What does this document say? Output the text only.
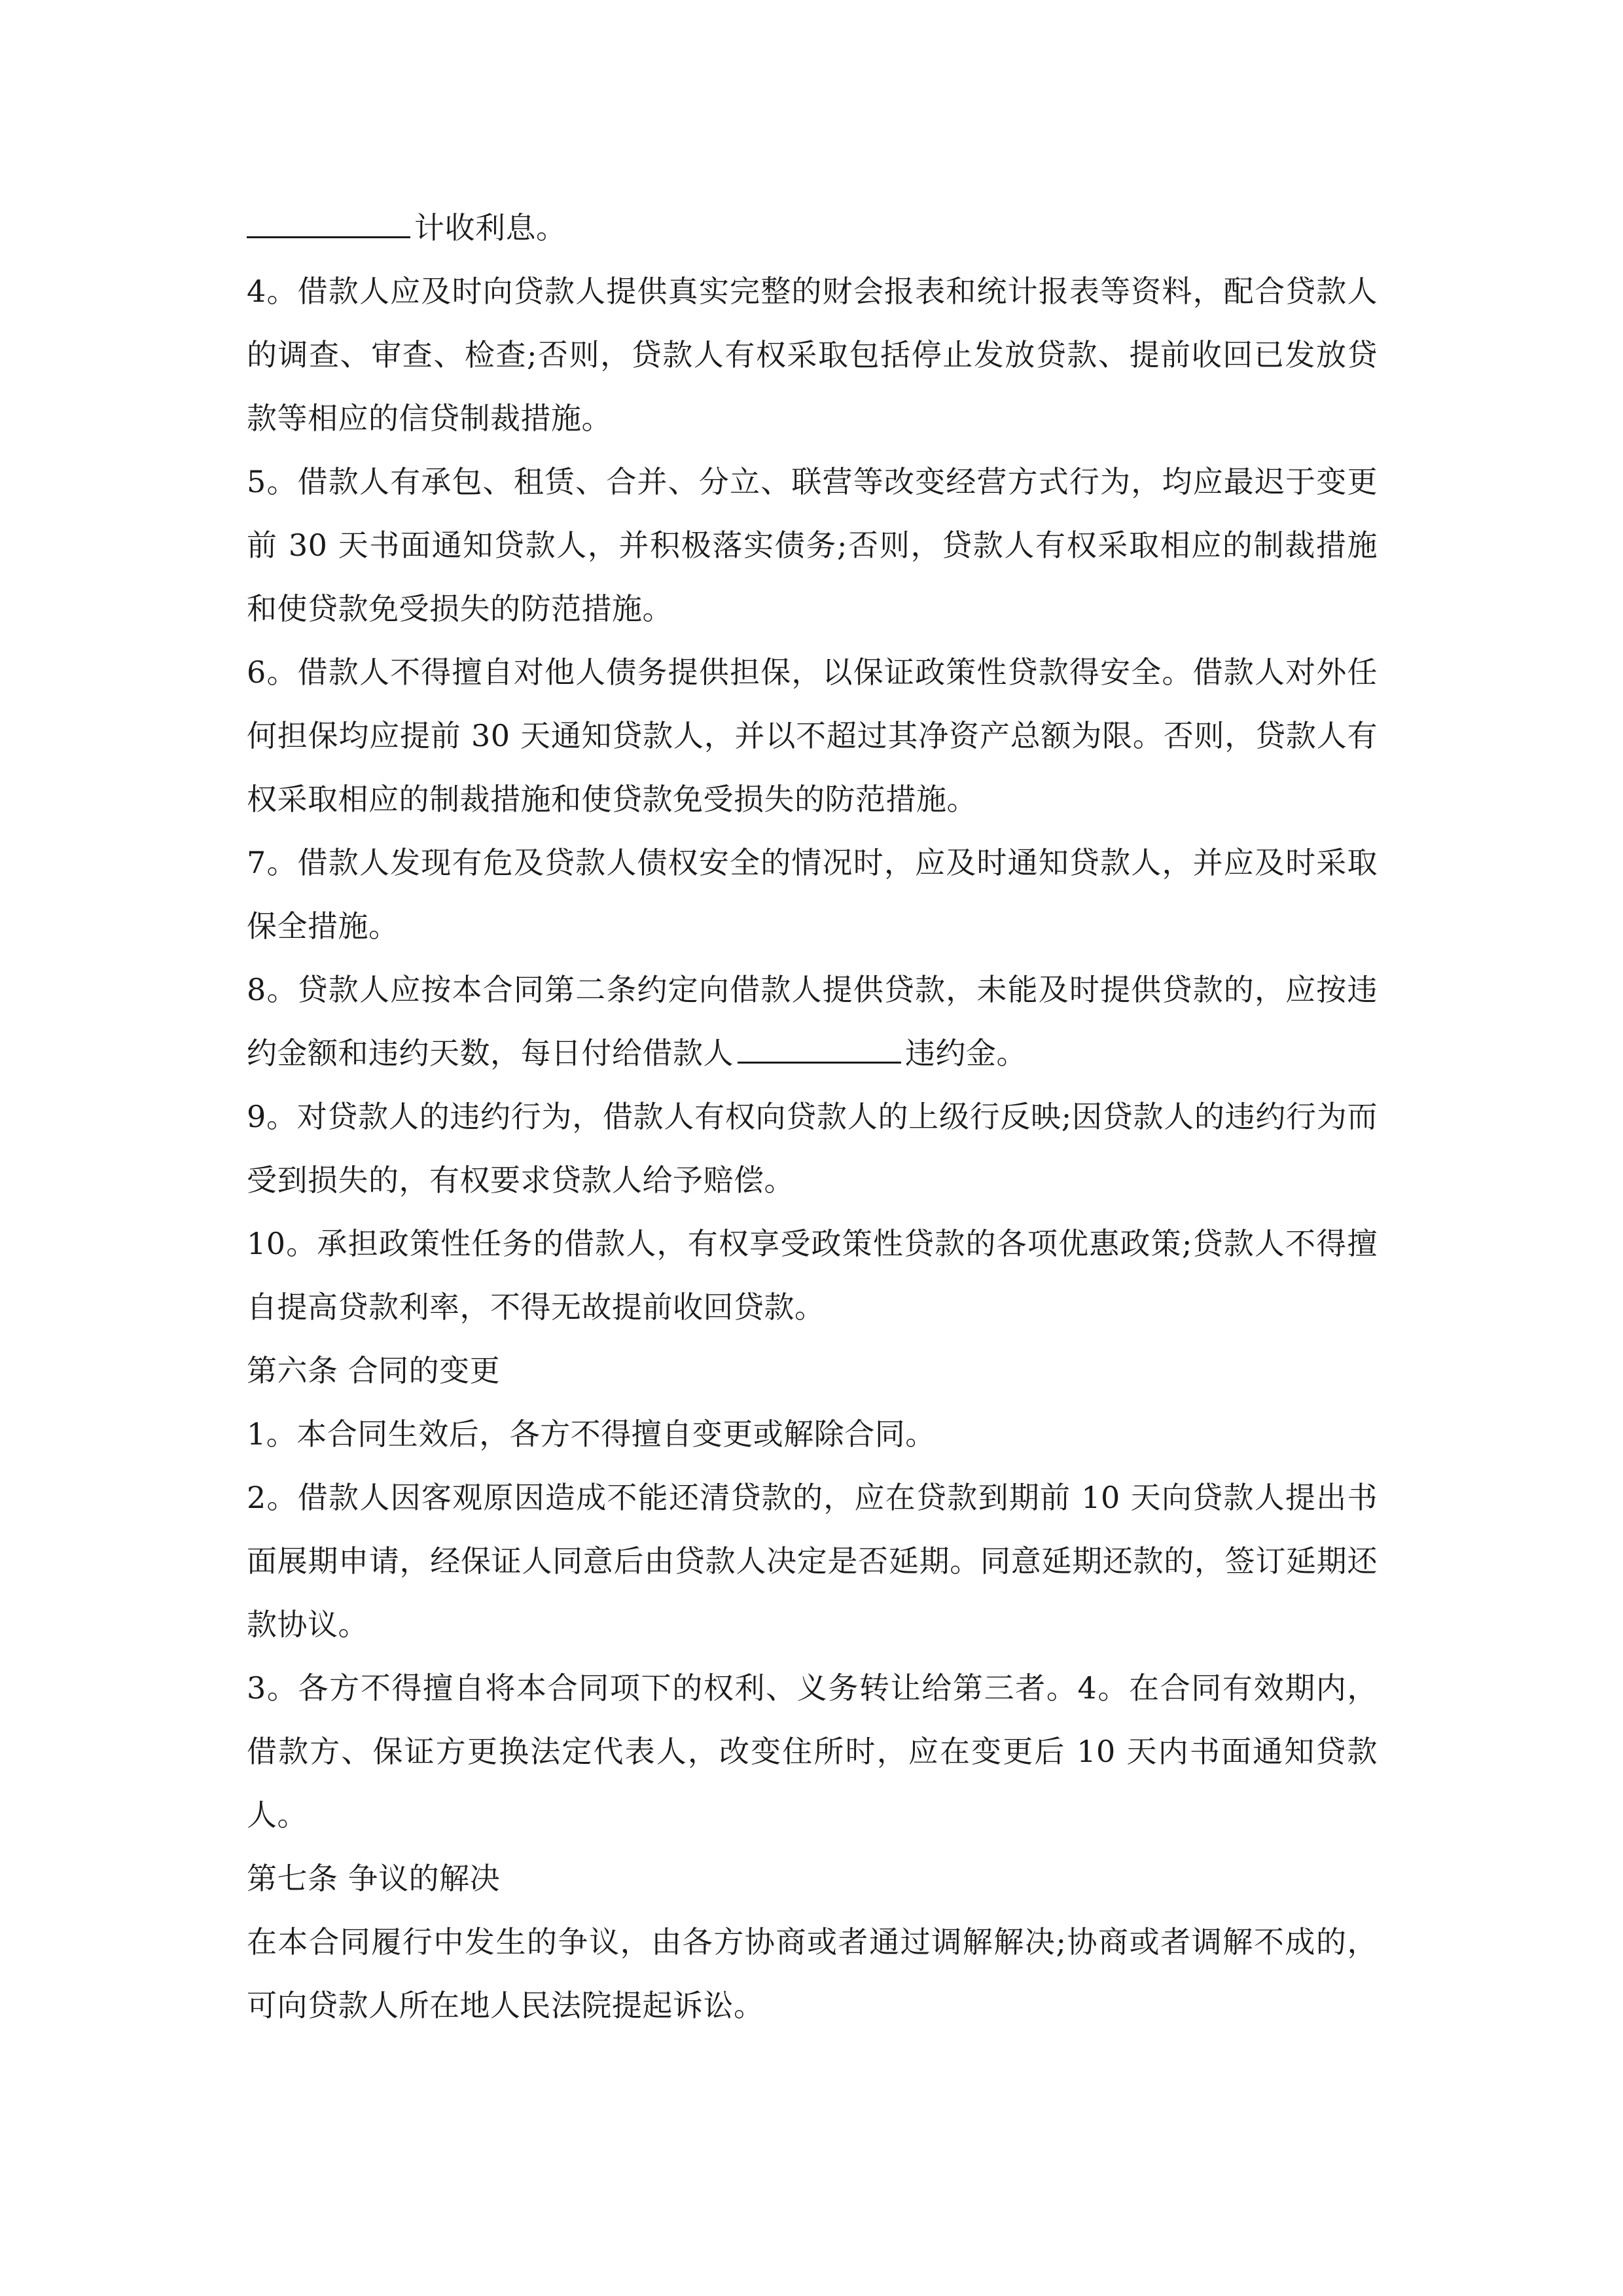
计收利息。

4。借款人应及时向贷款人提供真实完整的财会报表和统计报表等资料，配合贷款人的调查、审查、检查;否则，贷款人有权采取包括停止发放贷款、提前收回已发放贷款等相应的信贷制裁措施。

5。借款人有承包、租赁、合并、分立、联营等改变经营方式行为，均应最迟于变更前 30 天书面通知贷款人，并积极落实债务;否则，贷款人有权采取相应的制裁措施和使贷款免受损失的防范措施。

6。借款人不得擅自对他人债务提供担保，以保证政策性贷款得安全。借款人对外任何担保均应提前 30 天通知贷款人，并以不超过其净资产总额为限。否则，贷款人有权采取相应的制裁措施和使贷款免受损失的防范措施。

7。借款人发现有危及贷款人债权安全的情况时，应及时通知贷款人，并应及时采取保全措施。

8。贷款人应按本合同第二条约定向借款人提供贷款，未能及时提供贷款的，应按违约金额和违约天数，每日付给借款人	违约金。

9。对贷款人的违约行为，借款人有权向贷款人的上级行反映;因贷款人的违约行为而受到损失的，有权要求贷款人给予赔偿。

10。承担政策性任务的借款人，有权享受政策性贷款的各项优惠政策;贷款人不得擅自提高贷款利率，不得无故提前收回贷款。

第六条 合同的变更

1。本合同生效后，各方不得擅自变更或解除合同。

2。借款人因客观原因造成不能还清贷款的，应在贷款到期前 10 天向贷款人提出书面展期申请，经保证人同意后由贷款人决定是否延期。同意延期还款的，签订延期还款协议。

3。各方不得擅自将本合同项下的权利、义务转让给第三者。4。在合同有效期内，借款方、保证方更换法定代表人，改变住所时，应在变更后 10 天内书面通知贷款人。

第七条 争议的解决

在本合同履行中发生的争议，由各方协商或者通过调解解决;协商或者调解不成的，可向贷款人所在地人民法院提起诉讼。
